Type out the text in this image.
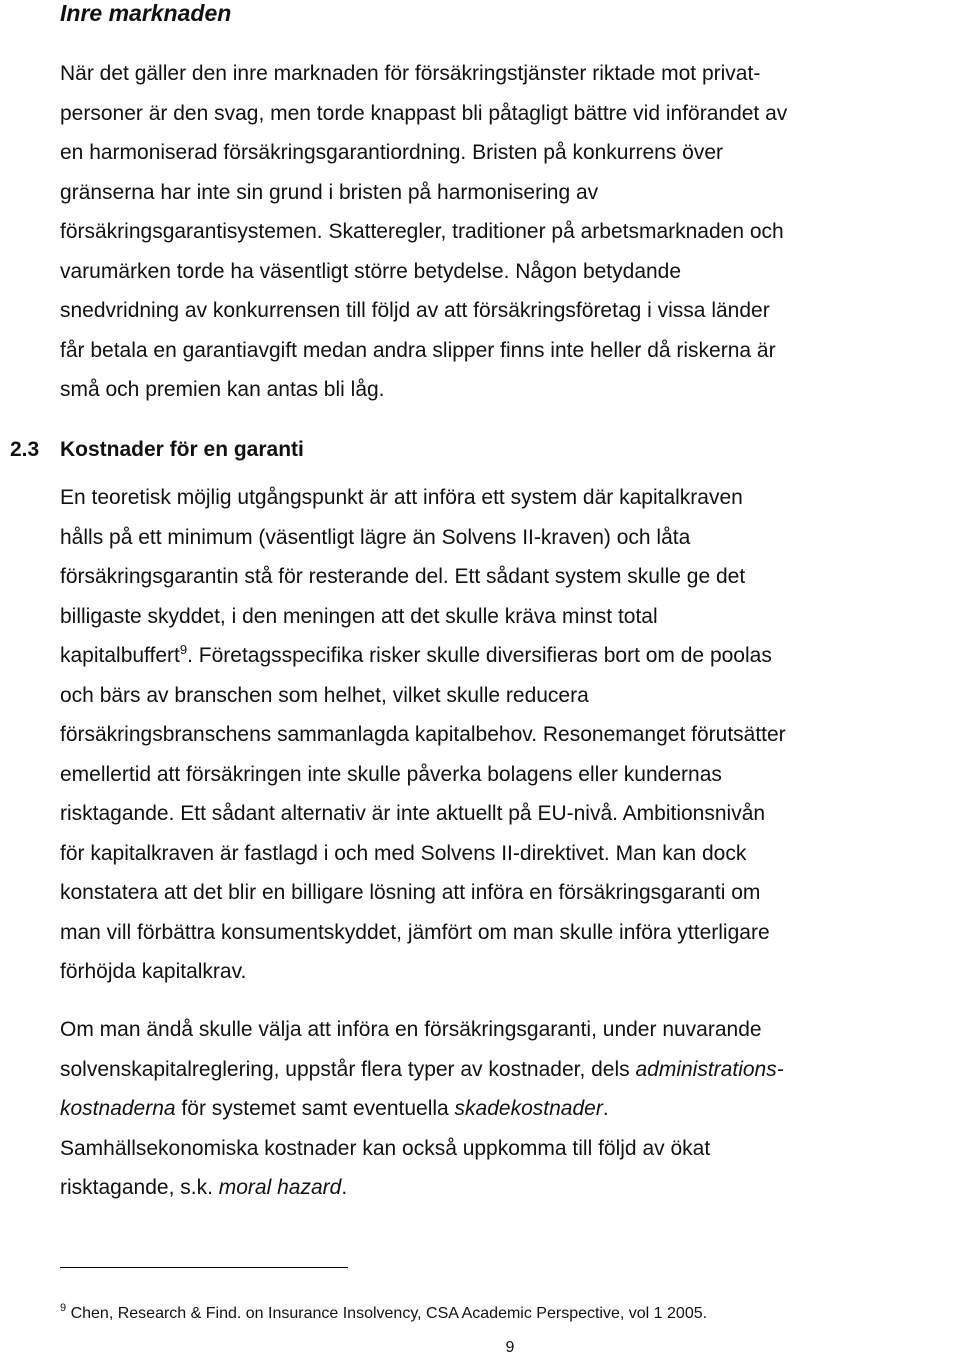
Inre marknaden
När det gäller den inre marknaden för försäkringstjänster riktade mot privat-
personer är den svag, men torde knappast bli påtagligt bättre vid införandet av
en harmoniserad försäkringsgarantiordning. Bristen på konkurrens över
gränserna har inte sin grund i bristen på harmonisering av
försäkringsgarantisystemen. Skatteregler, traditioner på arbetsmarknaden och
varumärken torde ha väsentligt större betydelse. Någon betydande
snedvridning av konkurrensen till följd av att försäkringsföretag i vissa länder
får betala en garantiavgift medan andra slipper finns inte heller då riskerna är
små och premien kan antas bli låg.
2.3 Kostnader för en garanti
En teoretisk möjlig utgångspunkt är att införa ett system där kapitalkraven
hålls på ett minimum (väsentligt lägre än Solvens II-kraven) och låta
försäkringsgarantin stå för resterande del. Ett sådant system skulle ge det
billigaste skyddet, i den meningen att det skulle kräva minst total
kapitalbuffert$^9$. Företagsspecifika risker skulle diversifieras bort om de poolas
och bärs av branschen som helhet, vilket skulle reducera
försäkringsbranschens sammanlagda kapitalbehov. Resonemanget förutsätter
emellertid att försäkringen inte skulle påverka bolagens eller kundernas
risktagande. Ett sådant alternativ är inte aktuellt på EU-nivå. Ambitionsnivån
för kapitalkraven är fastlagd i och med Solvens II-direktivet. Man kan dock
konstatera att det blir en billigare lösning att införa en försäkringsgaranti om
man vill förbättra konsumentskyddet, jämfört om man skulle införa ytterligare
förhöjda kapitalkrav.
Om man ändå skulle välja att införa en försäkringsgaranti, under nuvarande
solvenskapitalreglering, uppstår flera typer av kostnader, dels administrations-
kostnaderna för systemet samt eventuella skadekostnader.
Samhällsekonomiska kostnader kan också uppkomma till följd av ökat
risktagande, s.k. moral hazard.

$^9$ Chen, Research & Find. on Insurance Insolvency, CSA Academic Perspective, vol 1 2005.

9
